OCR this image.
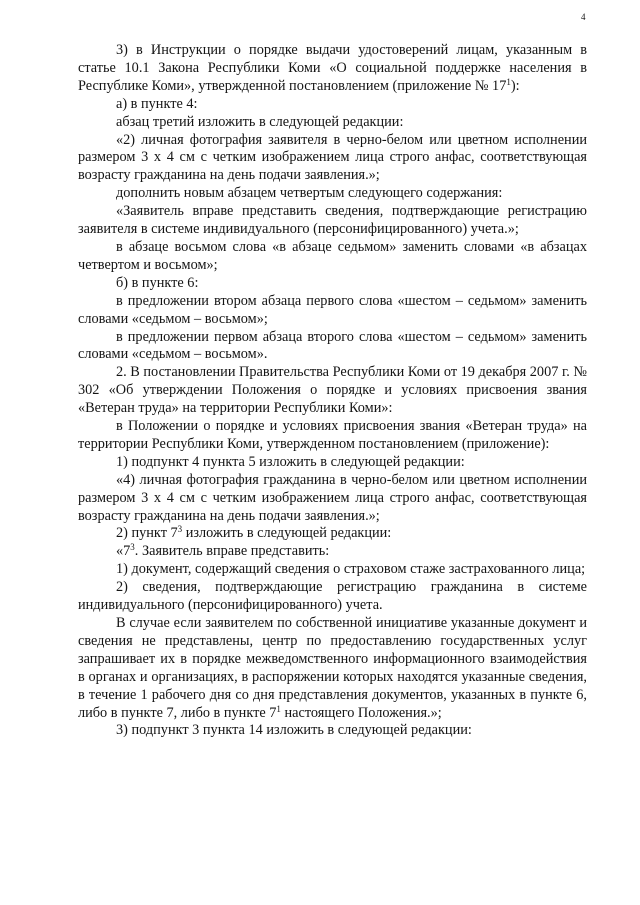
4

3) в Инструкции о порядке выдачи удостоверений лицам, указанным в статье 10.1 Закона Республики Коми «О социальной поддержке населения в Республике Коми», утвержденной постановлением (приложение № $17^1$):

а) в пункте 4:

абзац третий изложить в следующей редакции:

«2) личная фотография заявителя в черно-белом или цветном исполнении размером 3 х 4 см с четким изображением лица строго анфас, соответствующая возрасту гражданина на день подачи заявления.»;

дополнить новым абзацем четвертым следующего содержания:

«Заявитель вправе представить сведения, подтверждающие регистрацию заявителя в системе индивидуального (персонифицированного) учета.»;

в абзаце восьмом слова «в абзаце седьмом» заменить словами «в абзацах четвертом и восьмом»;

б) в пункте 6:

в предложении втором абзаца первого слова «шестом – седьмом» заменить словами «седьмом – восьмом»;

в предложении первом абзаца второго слова «шестом – седьмом» заменить словами «седьмом – восьмом».

2. В постановлении Правительства Республики Коми от 19 декабря 2007 г. № 302 «Об утверждении Положения о порядке и условиях присвоения звания «Ветеран труда» на территории Республики Коми»:

в Положении о порядке и условиях присвоения звания «Ветеран труда» на территории Республики Коми, утвержденном постановлением (приложение):

1) подпункт 4 пункта 5 изложить в следующей редакции:

«4) личная фотография гражданина в черно-белом или цветном исполнении размером 3 х 4 см с четким изображением лица строго анфас, соответствующая возрасту гражданина на день подачи заявления.»;

2) пункт $7^3$ изложить в следующей редакции:

«$7^3$. Заявитель вправе представить:

1) документ, содержащий сведения о страховом стаже застрахованного лица;

2) сведения, подтверждающие регистрацию гражданина в системе индивидуального (персонифицированного) учета.

В случае если заявителем по собственной инициативе указанные документ и сведения не представлены, центр по предоставлению государственных услуг запрашивает их в порядке межведомственного информационного взаимодействия в органах и организациях, в распоряжении которых находятся указанные сведения, в течение 1 рабочего дня со дня представления документов, указанных в пункте 6, либо в пункте 7, либо в пункте $7^1$ настоящего Положения.»;

3) подпункт 3 пункта 14 изложить в следующей редакции:
